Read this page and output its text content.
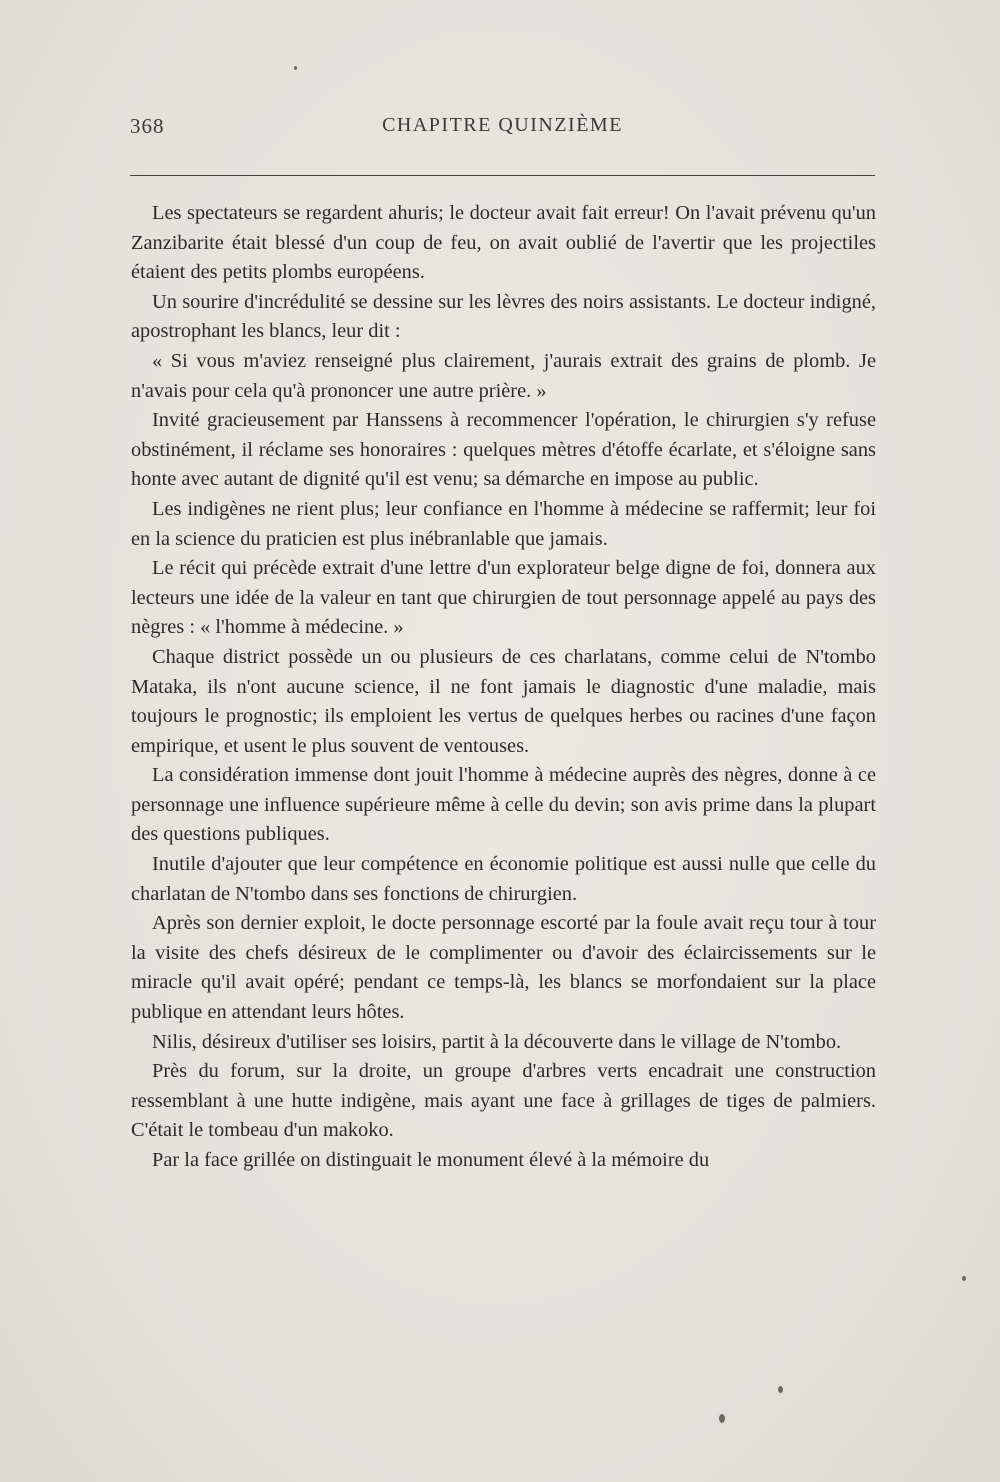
368	CHAPITRE QUINZIÈME

Les spectateurs se regardent ahuris; le docteur avait fait erreur! On l'avait prévenu qu'un Zanzibarite était blessé d'un coup de feu, on avait oublié de l'avertir que les projectiles étaient des petits plombs européens.

Un sourire d'incrédulité se dessine sur les lèvres des noirs assistants. Le docteur indigné, apostrophant les blancs, leur dit :

« Si vous m'aviez renseigné plus clairement, j'aurais extrait des grains de plomb. Je n'avais pour cela qu'à prononcer une autre prière. »

Invité gracieusement par Hanssens à recommencer l'opération, le chirurgien s'y refuse obstinément, il réclame ses honoraires : quelques mètres d'étoffe écarlate, et s'éloigne sans honte avec autant de dignité qu'il est venu; sa démarche en impose au public.

Les indigènes ne rient plus; leur confiance en l'homme à médecine se raffermit; leur foi en la science du praticien est plus inébranlable que jamais.

Le récit qui précède extrait d'une lettre d'un explorateur belge digne de foi, donnera aux lecteurs une idée de la valeur en tant que chirurgien de tout personnage appelé au pays des nègres : « l'homme à médecine. »

Chaque district possède un ou plusieurs de ces charlatans, comme celui de N'tombo Mataka, ils n'ont aucune science, il ne font jamais le diagnostic d'une maladie, mais toujours le prognostic; ils emploient les vertus de quelques herbes ou racines d'une façon empirique, et usent le plus souvent de ventouses.

La considération immense dont jouit l'homme à médecine auprès des nègres, donne à ce personnage une influence supérieure même à celle du devin; son avis prime dans la plupart des questions publiques.

Inutile d'ajouter que leur compétence en économie politique est aussi nulle que celle du charlatan de N'tombo dans ses fonctions de chirurgien.

Après son dernier exploit, le docte personnage escorté par la foule avait reçu tour à tour la visite des chefs désireux de le complimenter ou d'avoir des éclaircissements sur le miracle qu'il avait opéré; pendant ce temps-là, les blancs se morfondaient sur la place publique en attendant leurs hôtes.

Nilis, désireux d'utiliser ses loisirs, partit à la découverte dans le village de N'tombo.

Près du forum, sur la droite, un groupe d'arbres verts encadrait une construction ressemblant à une hutte indigène, mais ayant une face à grillages de tiges de palmiers. C'était le tombeau d'un makoko.

Par la face grillée on distinguait le monument élevé à la mémoire du
